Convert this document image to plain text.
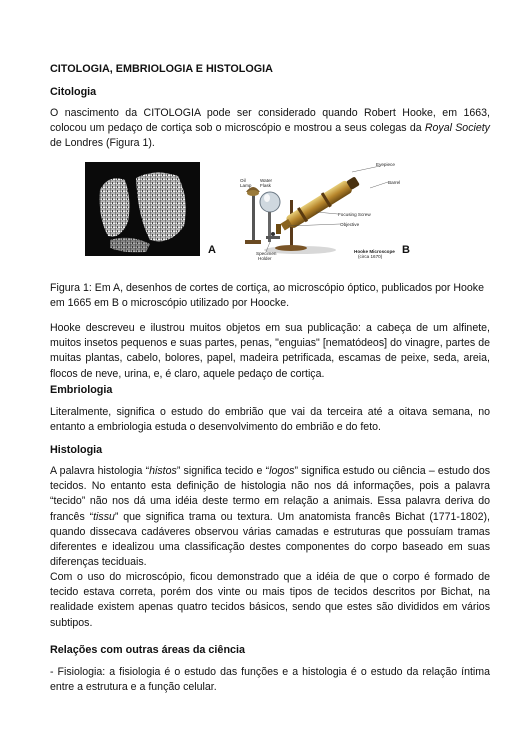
CITOLOGIA, EMBRIOLOGIA E HISTOLOGIA
Citologia
O nascimento da CITOLOGIA pode ser considerado quando Robert Hooke, em 1663, colocou um pedaço de cortiça sob o microscópio e mostrou a seus colegas da Royal Society de Londres (Figura 1).
A
Eyepiece
Oil
Lamp
Water
Flask
Barrel
Focusing Screw
Objective
Specimen
Holder
Hooke Microscope
(circa 1670)
B
Figura 1: Em A, desenhos de cortes de cortiça, ao microscópio óptico, publicados por Hooke em 1665 em B o microscópio utilizado por Hoocke.
Hooke descreveu e ilustrou muitos objetos em sua publicação: a cabeça de um alfinete, muitos insetos pequenos e suas partes, penas, "enguias" [nematódeos] do vinagre, partes de muitas plantas, cabelo, bolores, papel, madeira petrificada, escamas de peixe, seda, areia, flocos de neve, urina, e, é claro, aquele pedaço de cortiça.
Embriologia
Literalmente, significa o estudo do embrião que vai da terceira até a oitava semana, no entanto a embriologia estuda o desenvolvimento do embrião e do feto.
Histologia
A palavra histologia “histos” significa tecido e “logos” significa estudo ou ciência – estudo dos tecidos. No entanto esta definição de histologia não nos dá informações, pois a palavra “tecido” não nos dá uma idéia deste termo em relação a animais. Essa palavra deriva do francês “tissu” que significa trama ou textura. Um anatomista francês Bichat (1771-1802), quando dissecava cadáveres observou várias camadas e estruturas que possuíam tramas diferentes e idealizou uma classificação destes componentes do corpo baseado em suas diferenças teciduais.
Com o uso do microscópio, ficou demonstrado que a idéia de que o corpo é formado de tecido estava correta, porém dos vinte ou mais tipos de tecidos descritos por Bichat, na realidade existem apenas quatro tecidos básicos, sendo que estes são divididos em vários subtipos.
Relações com outras áreas da ciência
- Fisiologia: a fisiologia é o estudo das funções e a histologia é o estudo da relação íntima entre a estrutura e a função celular.
